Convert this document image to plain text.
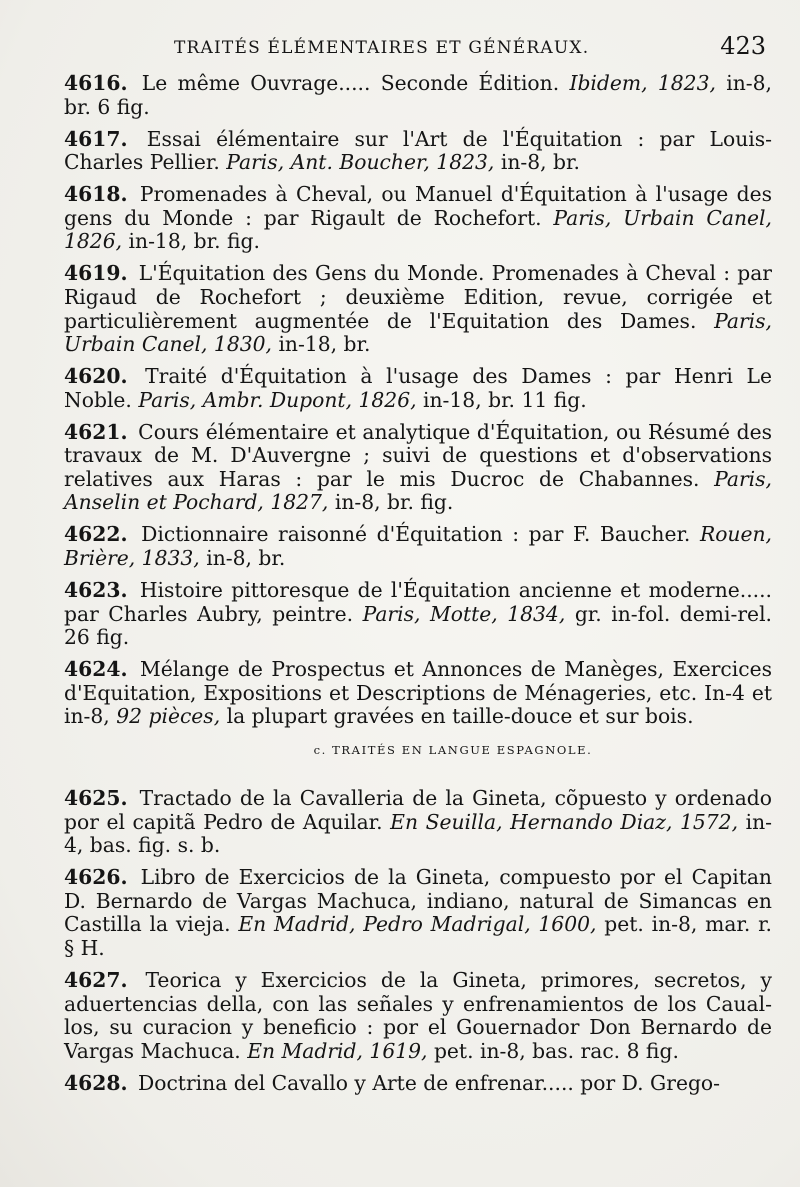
TRAITÉS ÉLÉMENTAIRES ET GÉNÉRAUX.	423

4616. Le même Ouvrage..... Seconde Édition. Ibidem, 1823, in-8, br. 6 fig.

4617. Essai élémentaire sur l'Art de l'Équitation : par Louis-Charles Pellier. Paris, Ant. Boucher, 1823, in-8, br.

4618. Promenades à Cheval, ou Manuel d'Équitation à l'usage des gens du Monde : par Rigault de Rochefort. Paris, Urbain Canel, 1826, in-18, br. fig.

4619. L'Équitation des Gens du Monde. Promenades à Cheval : par Rigaud de Rochefort ; deuxième Edition, revue, corrigée et particulièrement augmentée de l'Equitation des Dames. Paris, Urbain Canel, 1830, in-18, br.

4620. Traité d'Équitation à l'usage des Dames : par Henri Le Noble. Paris, Ambr. Dupont, 1826, in-18, br. 11 fig.

4621. Cours élémentaire et analytique d'Équitation, ou Résumé des travaux de M. D'Auvergne ; suivi de questions et d'observations relatives aux Haras : par le mis Ducroc de Chabannes. Paris, Anselin et Pochard, 1827, in-8, br. fig.

4622. Dictionnaire raisonné d'Équitation : par F. Baucher. Rouen, Brière, 1833, in-8, br.

4623. Histoire pittoresque de l'Équitation ancienne et moderne..... par Charles Aubry, peintre. Paris, Motte, 1834, gr. in-fol. demi-rel. 26 fig.

4624. Mélange de Prospectus et Annonces de Manèges, Exercices d'Equitation, Expositions et Descriptions de Ménageries, etc. In-4 et in-8, 92 pièces, la plupart gravées en taille-douce et sur bois.

c. TRAITÉS EN LANGUE ESPAGNOLE.

4625. Tractado de la Cavalleria de la Gineta, cõpuesto y ordenado por el capitã Pedro de Aquilar. En Seuilla, Hernando Diaz, 1572, in-4, bas. fig. s. b.

4626. Libro de Exercicios de la Gineta, compuesto por el Capitan D. Bernardo de Vargas Machuca, indiano, natural de Simancas en Castilla la vieja. En Madrid, Pedro Madrigal, 1600, pet. in-8, mar. r. § H.

4627. Teorica y Exercicios de la Gineta, primores, secretos, y aduertencias della, con las señales y enfrenamientos de los Caual-los, su curacion y beneficio : por el Gouernador Don Bernardo de Vargas Machuca. En Madrid, 1619, pet. in-8, bas. rac. 8 fig.

4628. Doctrina del Cavallo y Arte de enfrenar..... por D. Grego-
